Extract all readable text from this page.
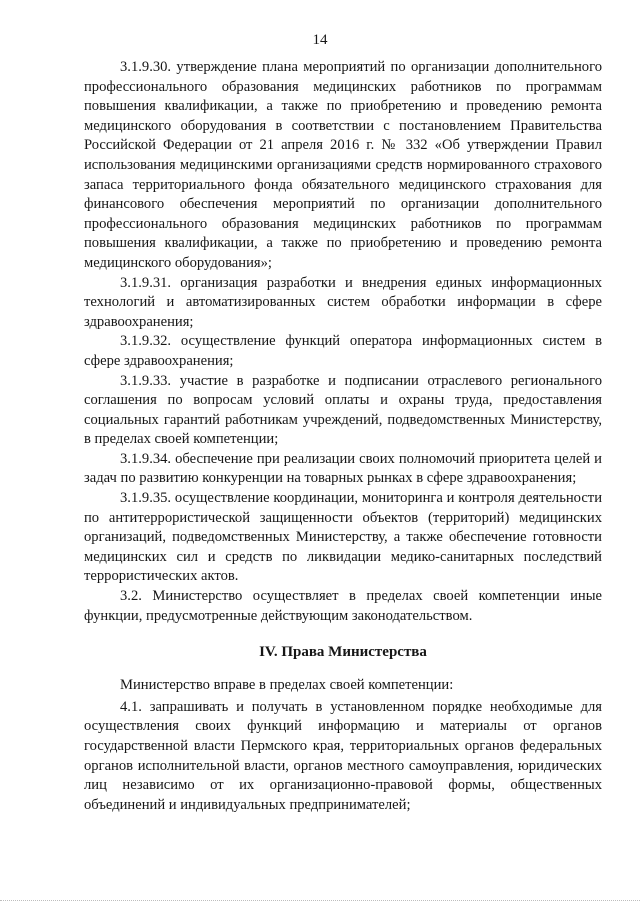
14

3.1.9.30. утверждение плана мероприятий по организации дополнительного профессионального образования медицинских работников по программам повышения квалификации, а также по приобретению и проведению ремонта медицинского оборудования в соответствии с постановлением Правительства Российской Федерации от 21 апреля 2016 г. № 332 «Об утверждении Правил использования медицинскими организациями средств нормированного страхового запаса территориального фонда обязательного медицинского страхования для финансового обеспечения мероприятий по организации дополнительного профессионального образования медицинских работников по программам повышения квалификации, а также по приобретению и проведению ремонта медицинского оборудования»;

3.1.9.31. организация разработки и внедрения единых информационных технологий и автоматизированных систем обработки информации в сфере здравоохранения;

3.1.9.32. осуществление функций оператора информационных систем в сфере здравоохранения;

3.1.9.33. участие в разработке и подписании отраслевого регионального соглашения по вопросам условий оплаты и охраны труда, предоставления социальных гарантий работникам учреждений, подведомственных Министерству, в пределах своей компетенции;

3.1.9.34. обеспечение при реализации своих полномочий приоритета целей и задач по развитию конкуренции на товарных рынках в сфере здравоохранения;

3.1.9.35. осуществление координации, мониторинга и контроля деятельности по антитеррористической защищенности объектов (территорий) медицинских организаций, подведомственных Министерству, а также обеспечение готовности медицинских сил и средств по ликвидации медико-санитарных последствий террористических актов.

3.2. Министерство осуществляет в пределах своей компетенции иные функции, предусмотренные действующим законодательством.

IV. Права Министерства

Министерство вправе в пределах своей компетенции:

4.1. запрашивать и получать в установленном порядке необходимые для осуществления своих функций информацию и материалы от органов государственной власти Пермского края, территориальных органов федеральных органов исполнительной власти, органов местного самоуправления, юридических лиц независимо от их организационно-правовой формы, общественных объединений и индивидуальных предпринимателей;
